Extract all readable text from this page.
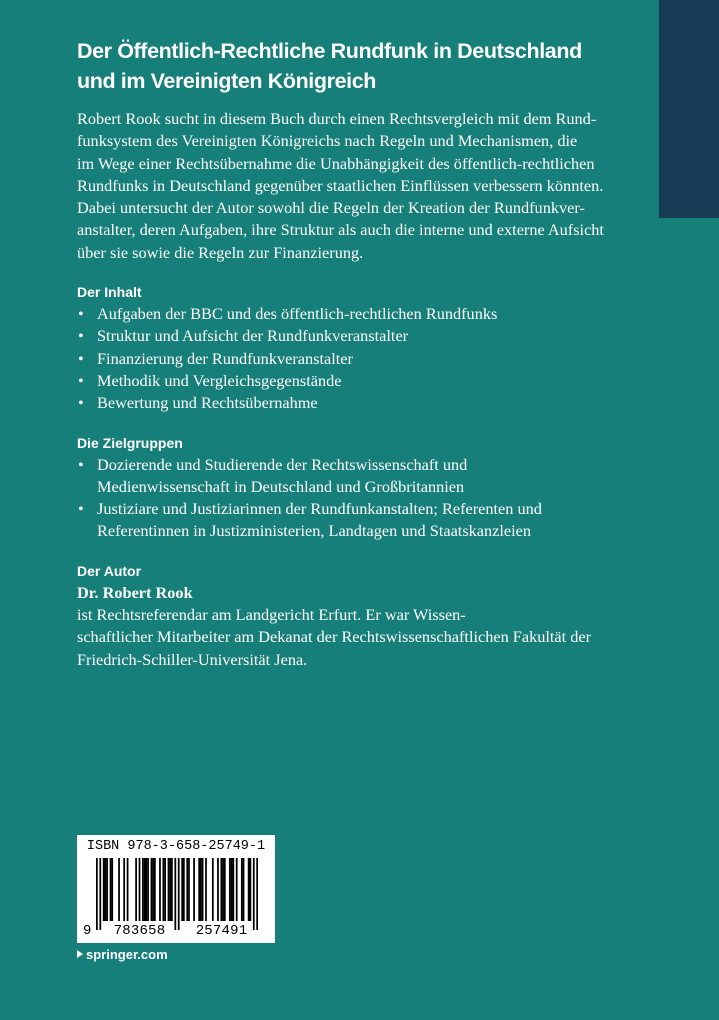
Der Öffentlich-Rechtliche Rundfunk in Deutschland
und im Vereinigten Königreich

Robert Rook sucht in diesem Buch durch einen Rechtsvergleich mit dem Rund-
funksystem des Vereinigten Königreichs nach Regeln und Mechanismen, die
im Wege einer Rechtsübernahme die Unabhängigkeit des öffentlich-rechtlichen
Rundfunks in Deutschland gegenüber staatlichen Einflüssen verbessern könnten.
Dabei untersucht der Autor sowohl die Regeln der Kreation der Rundfunkver-
anstalter, deren Aufgaben, ihre Struktur als auch die interne und externe Aufsicht
über sie sowie die Regeln zur Finanzierung.

Der Inhalt
• Aufgaben der BBC und des öffentlich-rechtlichen Rundfunks
• Struktur und Aufsicht der Rundfunkveranstalter
• Finanzierung der Rundfunkveranstalter
• Methodik und Vergleichsgegenstände
• Bewertung und Rechtsübernahme
Die Zielgruppen
• Dozierende und Studierende der Rechtswissenschaft und
Medienwissenschaft in Deutschland und Großbritannien
• Justiziare und Justiziarinnen der Rundfunkanstalten; Referenten und
Referentinnen in Justizministerien, Landtagen und Staatskanzleien
Der Autor

Dr. Robert Rook
ist Rechtsreferendar am Landgericht Erfurt. Er war Wissen-
schaftlicher Mitarbeiter am Dekanat der Rechtswissenschaftlichen Fakultät der
Friedrich-Schiller-Universität Jena.

ISBN 978-3-658-25749-1
9	783658	257491
springer.com
